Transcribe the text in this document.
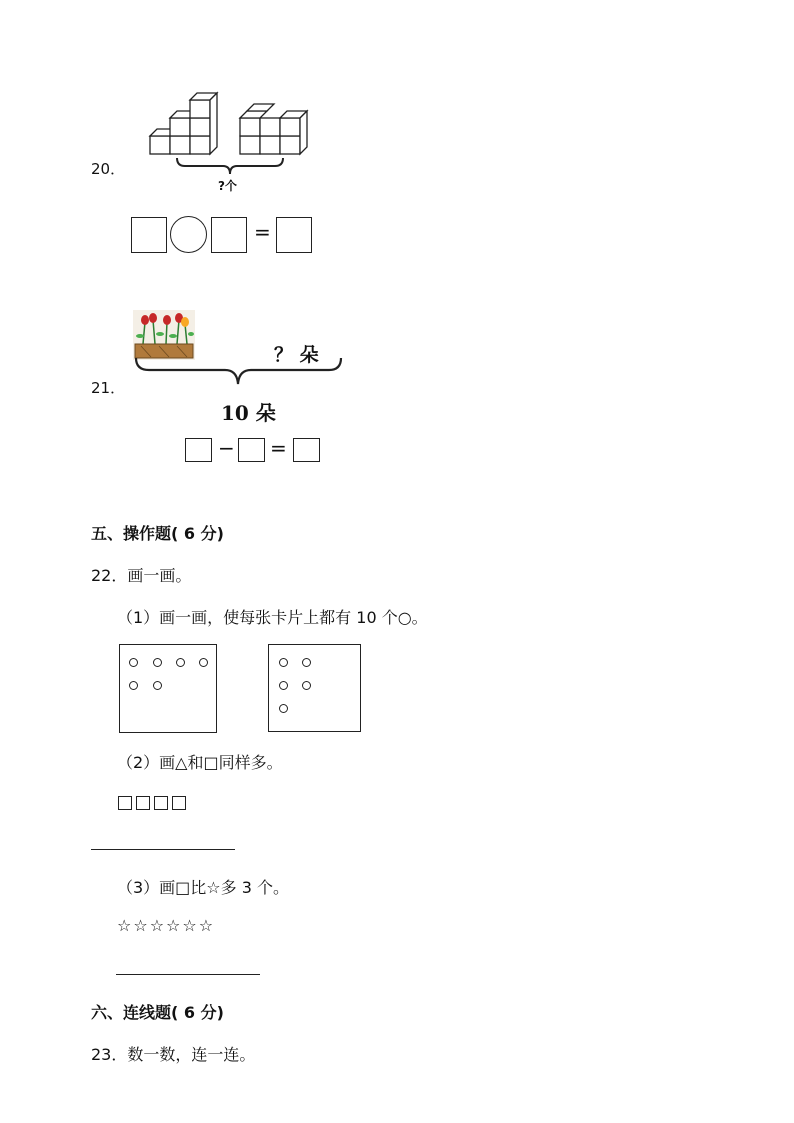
20．
?个
=
21．
？ 朵
10 朵
− =
五、操作题( 6 分)
22．画一画。
（1）画一画，使每张卡片上都有 10 个○。
（2）画△和□同样多。
（3）画□比☆多 3 个。
☆☆☆☆☆☆
六、连线题( 6 分)
23．数一数，连一连。
